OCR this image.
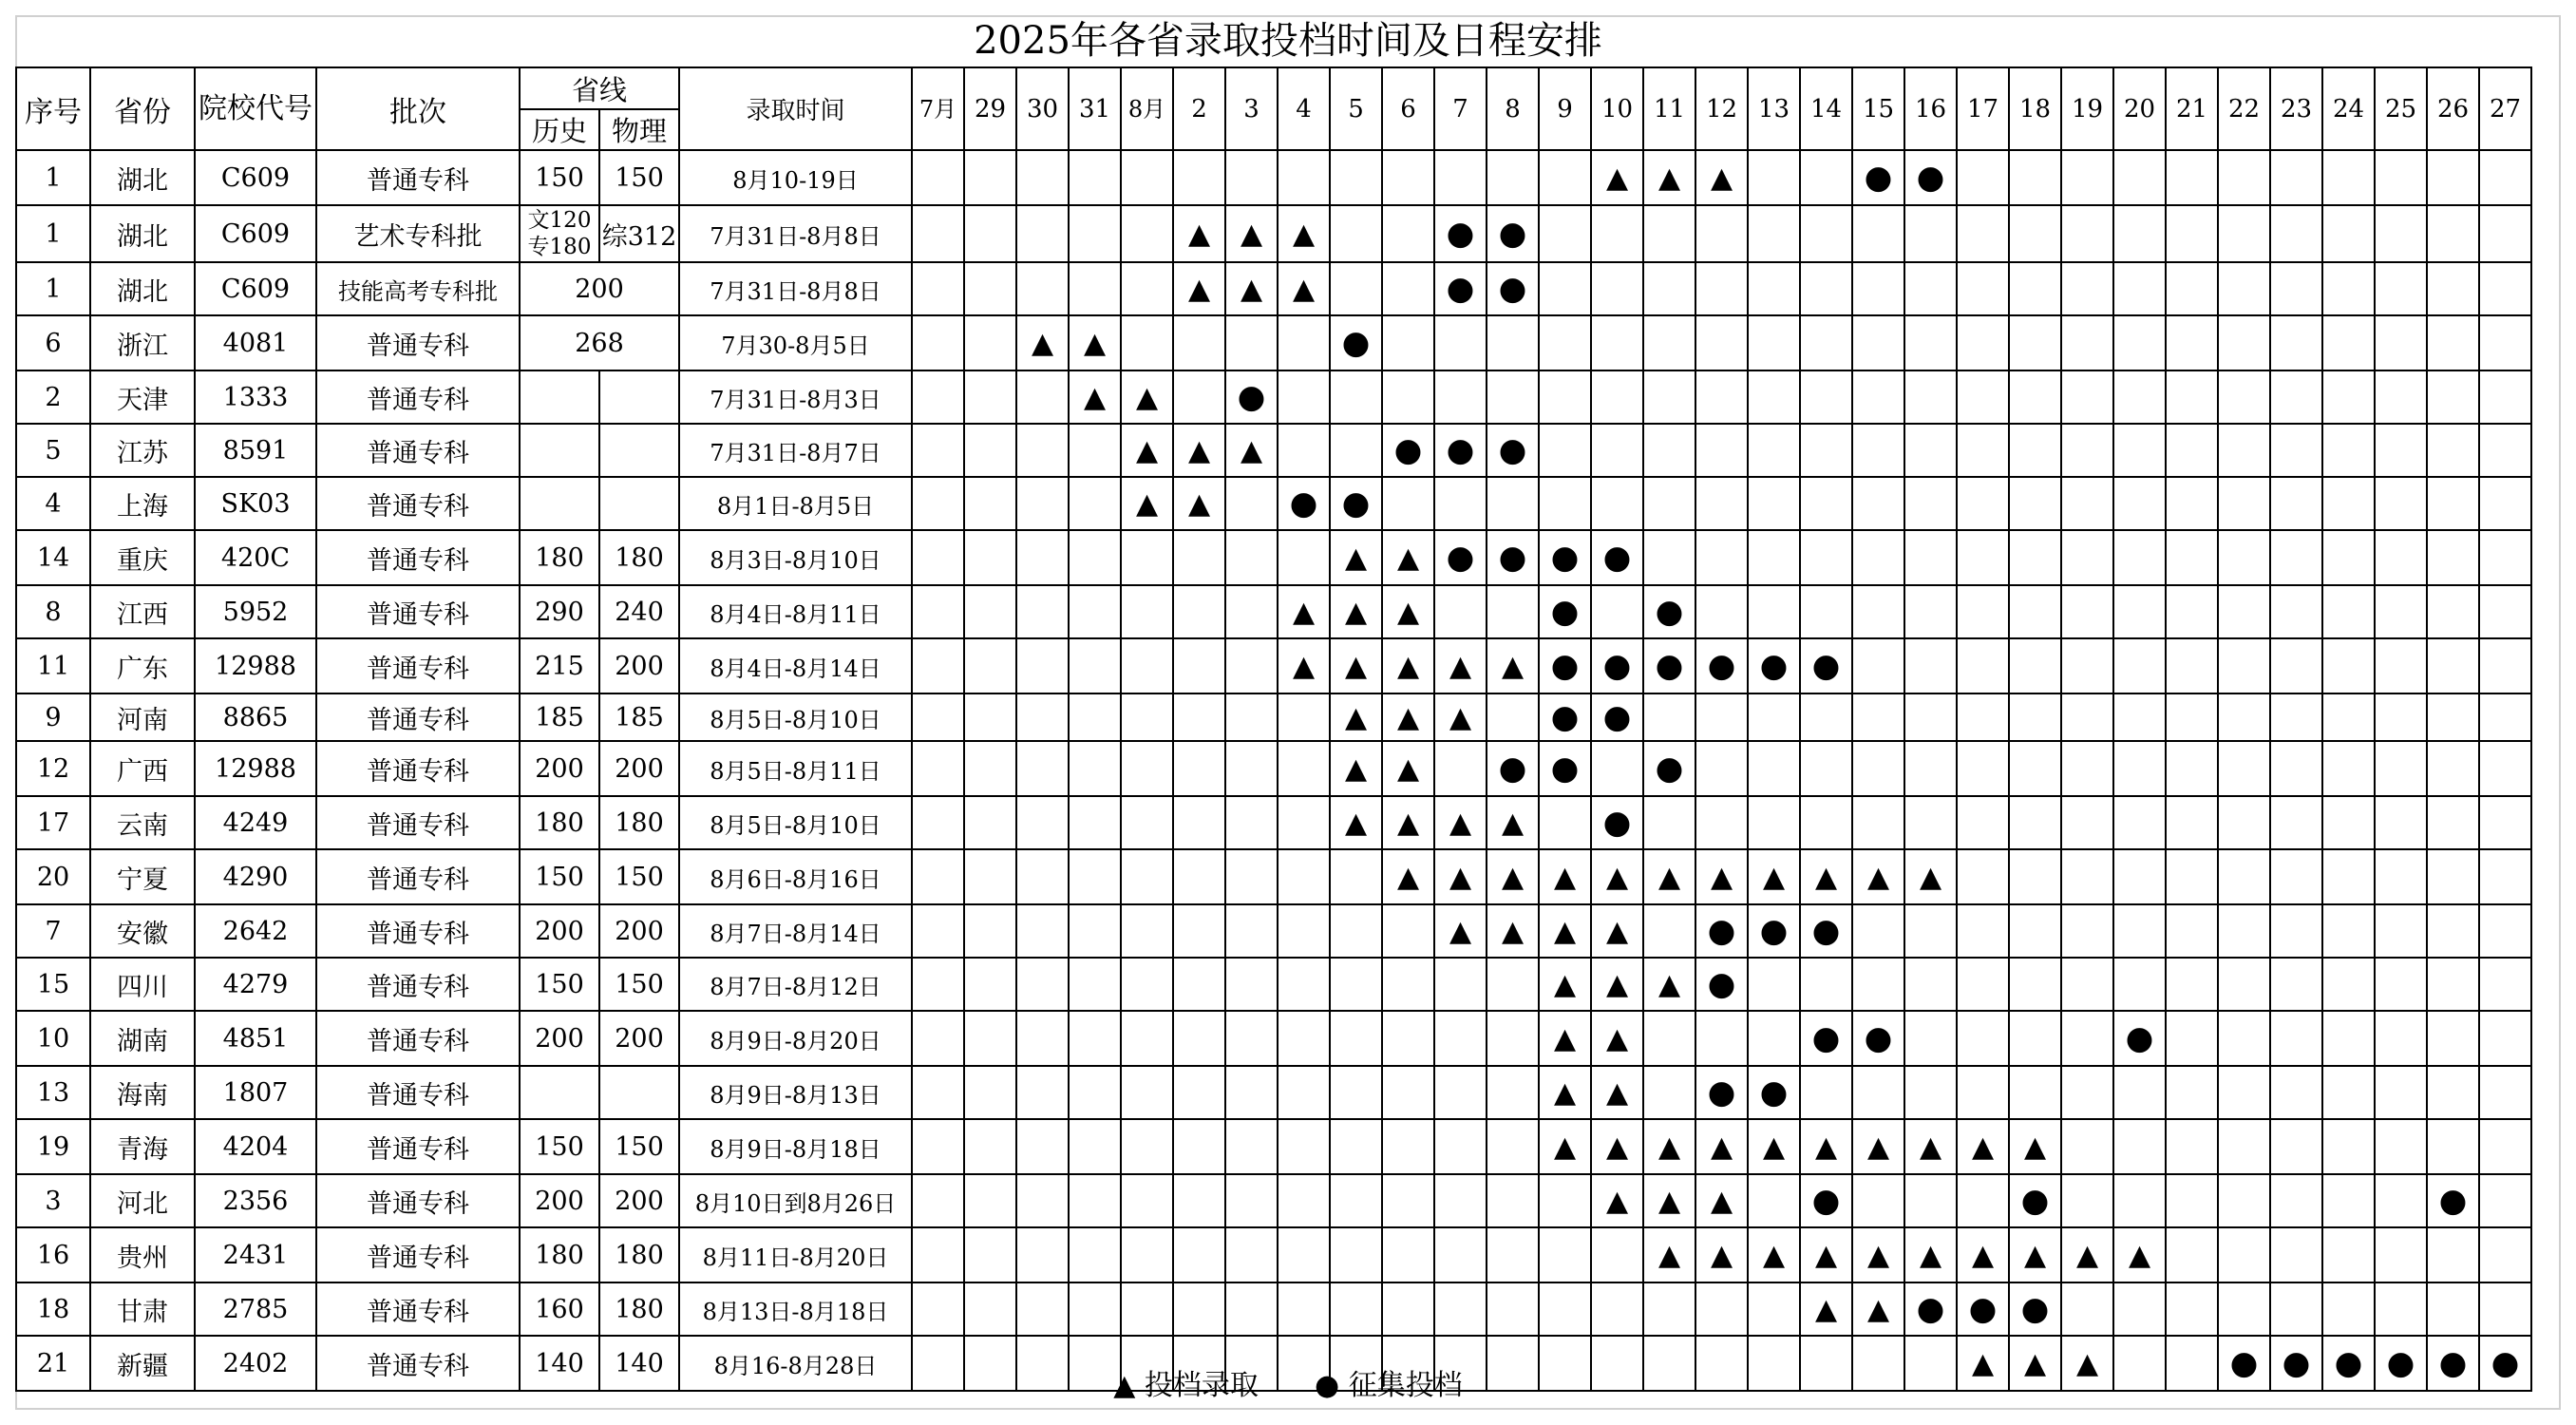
2025年各省录取投档时间及日程安排
序号	省份	院校代号	批次	省线		录取时间	7月	29	30	31	8月	2	3	4	5	6	7	8	9	10	11	12	13	14	15	16	17	18	19	20	21	22	23	24	25	26	27
				历史	物理																																
1	湖北	C609	普通专科	150	150	8月10-19日														▲	▲	▲			●	●											
1	湖北	C609	艺术专科批	文120 专180	综312	7月31日-8月8日						▲	▲	▲			●	●																			
1	湖北	C609	技能高考专科批	200		7月31日-8月8日						▲	▲	▲			●	●																			
6	浙江	4081	普通专科	268		7月30-8月5日			▲	▲					●																						
2	天津	1333	普通专科			7月31日-8月3日				▲	▲		●																								
5	江苏	8591	普通专科			7月31日-8月7日					▲	▲	▲			●	●	●																			
4	上海	SK03	普通专科			8月1日-8月5日					▲	▲		●	●																						
14	重庆	420C	普通专科	180	180	8月3日-8月10日									▲	▲	●	●	●	●																	
8	江西	5952	普通专科	290	240	8月4日-8月11日								▲	▲	▲			●		●																
11	广东	12988	普通专科	215	200	8月4日-8月14日								▲	▲	▲	▲	▲	●	●	●	●	●	●													
9	河南	8865	普通专科	185	185	8月5日-8月10日									▲	▲	▲		●	●																	
12	广西	12988	普通专科	200	200	8月5日-8月11日									▲	▲		●	●		●																
17	云南	4249	普通专科	180	180	8月5日-8月10日									▲	▲	▲	▲		●																	
20	宁夏	4290	普通专科	150	150	8月6日-8月16日										▲	▲	▲	▲	▲	▲	▲	▲	▲	▲	▲											
7	安徽	2642	普通专科	200	200	8月7日-8月14日											▲	▲	▲	▲		●	●	●													
15	四川	4279	普通专科	150	150	8月7日-8月12日													▲	▲	▲	●															
10	湖南	4851	普通专科	200	200	8月9日-8月20日													▲	▲				●	●					●							
13	海南	1807	普通专科			8月9日-8月13日													▲	▲		●	●														
19	青海	4204	普通专科	150	150	8月9日-8月18日													▲	▲	▲	▲	▲	▲	▲	▲	▲	▲									
3	河北	2356	普通专科	200	200	8月10日到8月26日														▲	▲	▲		●				●								●	
16	贵州	2431	普通专科	180	180	8月11日-8月20日															▲	▲	▲	▲	▲	▲	▲	▲	▲	▲							
18	甘肃	2785	普通专科	160	180	8月13日-8月18日																		▲	▲	●	●	●									
21	新疆	2402	普通专科	140	140	8月16-8月28日																					▲	▲	▲			●	●	●	●	●	●
▲ 投档录取 ● 征集投档
